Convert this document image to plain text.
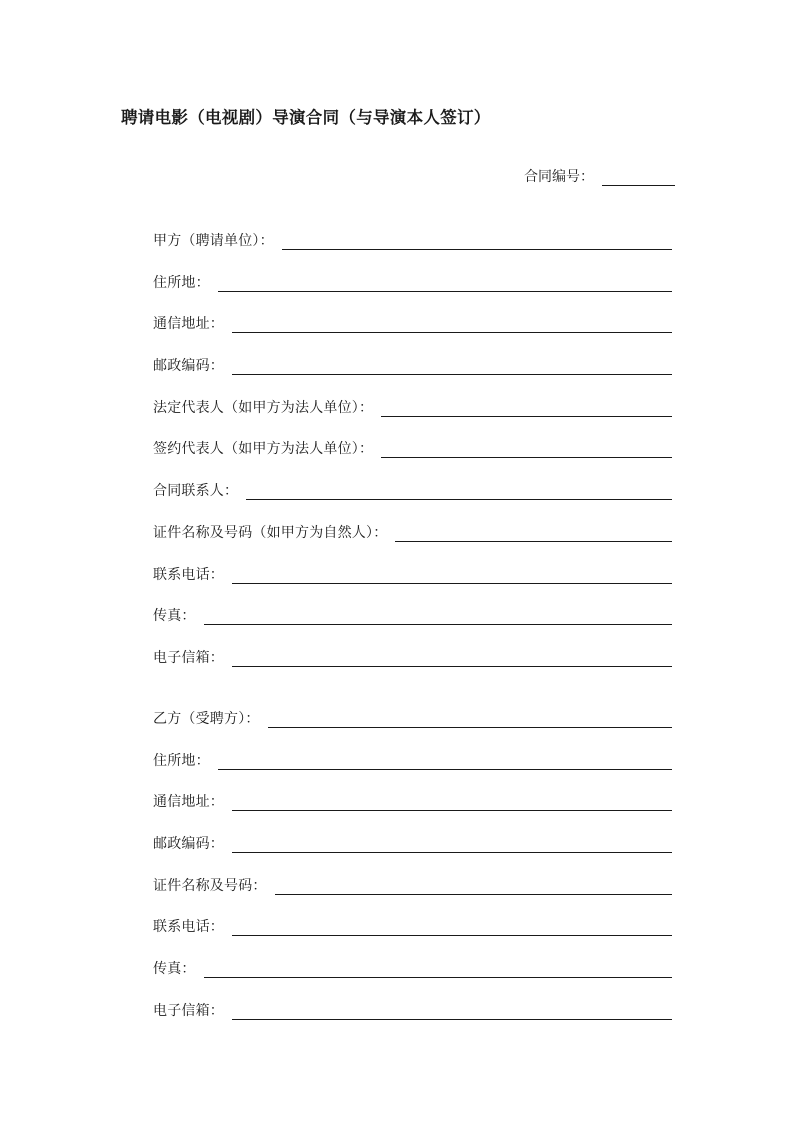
聘请电影（电视剧）导演合同（与导演本人签订）
合同编号：
甲方（聘请单位）：
住所地：
通信地址：
邮政编码：
法定代表人（如甲方为法人单位）：
签约代表人（如甲方为法人单位）：
合同联系人：
证件名称及号码（如甲方为自然人）：
联系电话：
传真：
电子信箱：
乙方（受聘方）：
住所地：
通信地址：
邮政编码：
证件名称及号码：
联系电话：
传真：
电子信箱：
